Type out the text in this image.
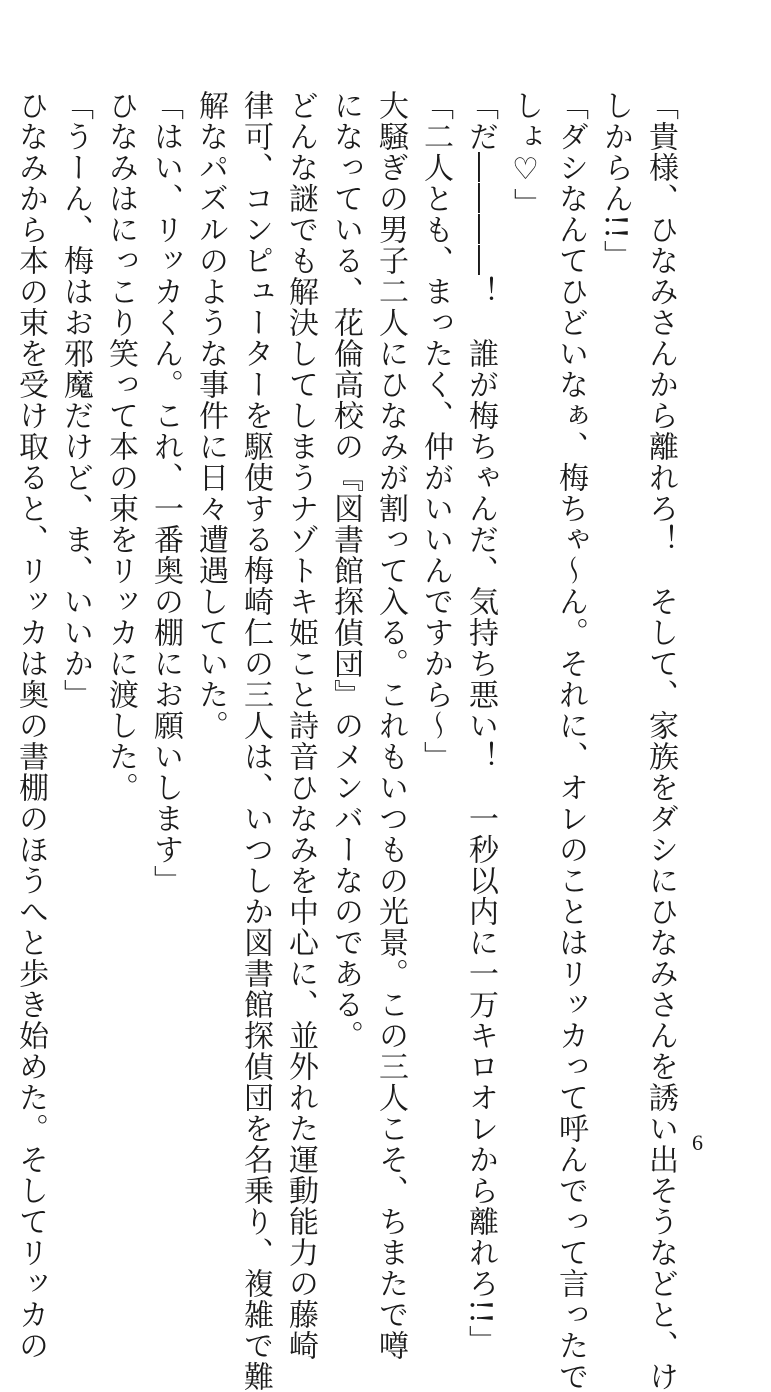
「貴様、ひなみさんから離れろ！　そして、家族をダシにひなみさんを誘い出そうなどと、け
しからん!!」
「ダシなんてひどいなぁ、梅ちゃ～ん。それに、オレのことはリッカって呼んでって言ったで
しょ♡」
「だ――――！　誰が梅ちゃんだ、気持ち悪い！　一秒以内に一万キロオレから離れろ!!」
「二人とも、まったく、仲がいいんですから～」
大騒ぎの男子二人にひなみが割って入る。これもいつもの光景。この三人こそ、ちまたで噂
になっている、花倫高校の『図書館探偵団』のメンバーなのである。
どんな謎でも解決してしまうナゾトキ姫こと詩音ひなみを中心に、並外れた運動能力の藤崎
律可、コンピューターを駆使する梅崎仁の三人は、いつしか図書館探偵団を名乗り、複雑で難
解なパズルのような事件に日々遭遇していた。
「はい、リッカくん。これ、一番奥の棚にお願いします」
ひなみはにっこり笑って本の束をリッカに渡した。
「うーん、梅はお邪魔だけど、ま、いいか」
ひなみから本の束を受け取ると、リッカは奥の書棚のほうへと歩き始めた。そしてリッカの	6
